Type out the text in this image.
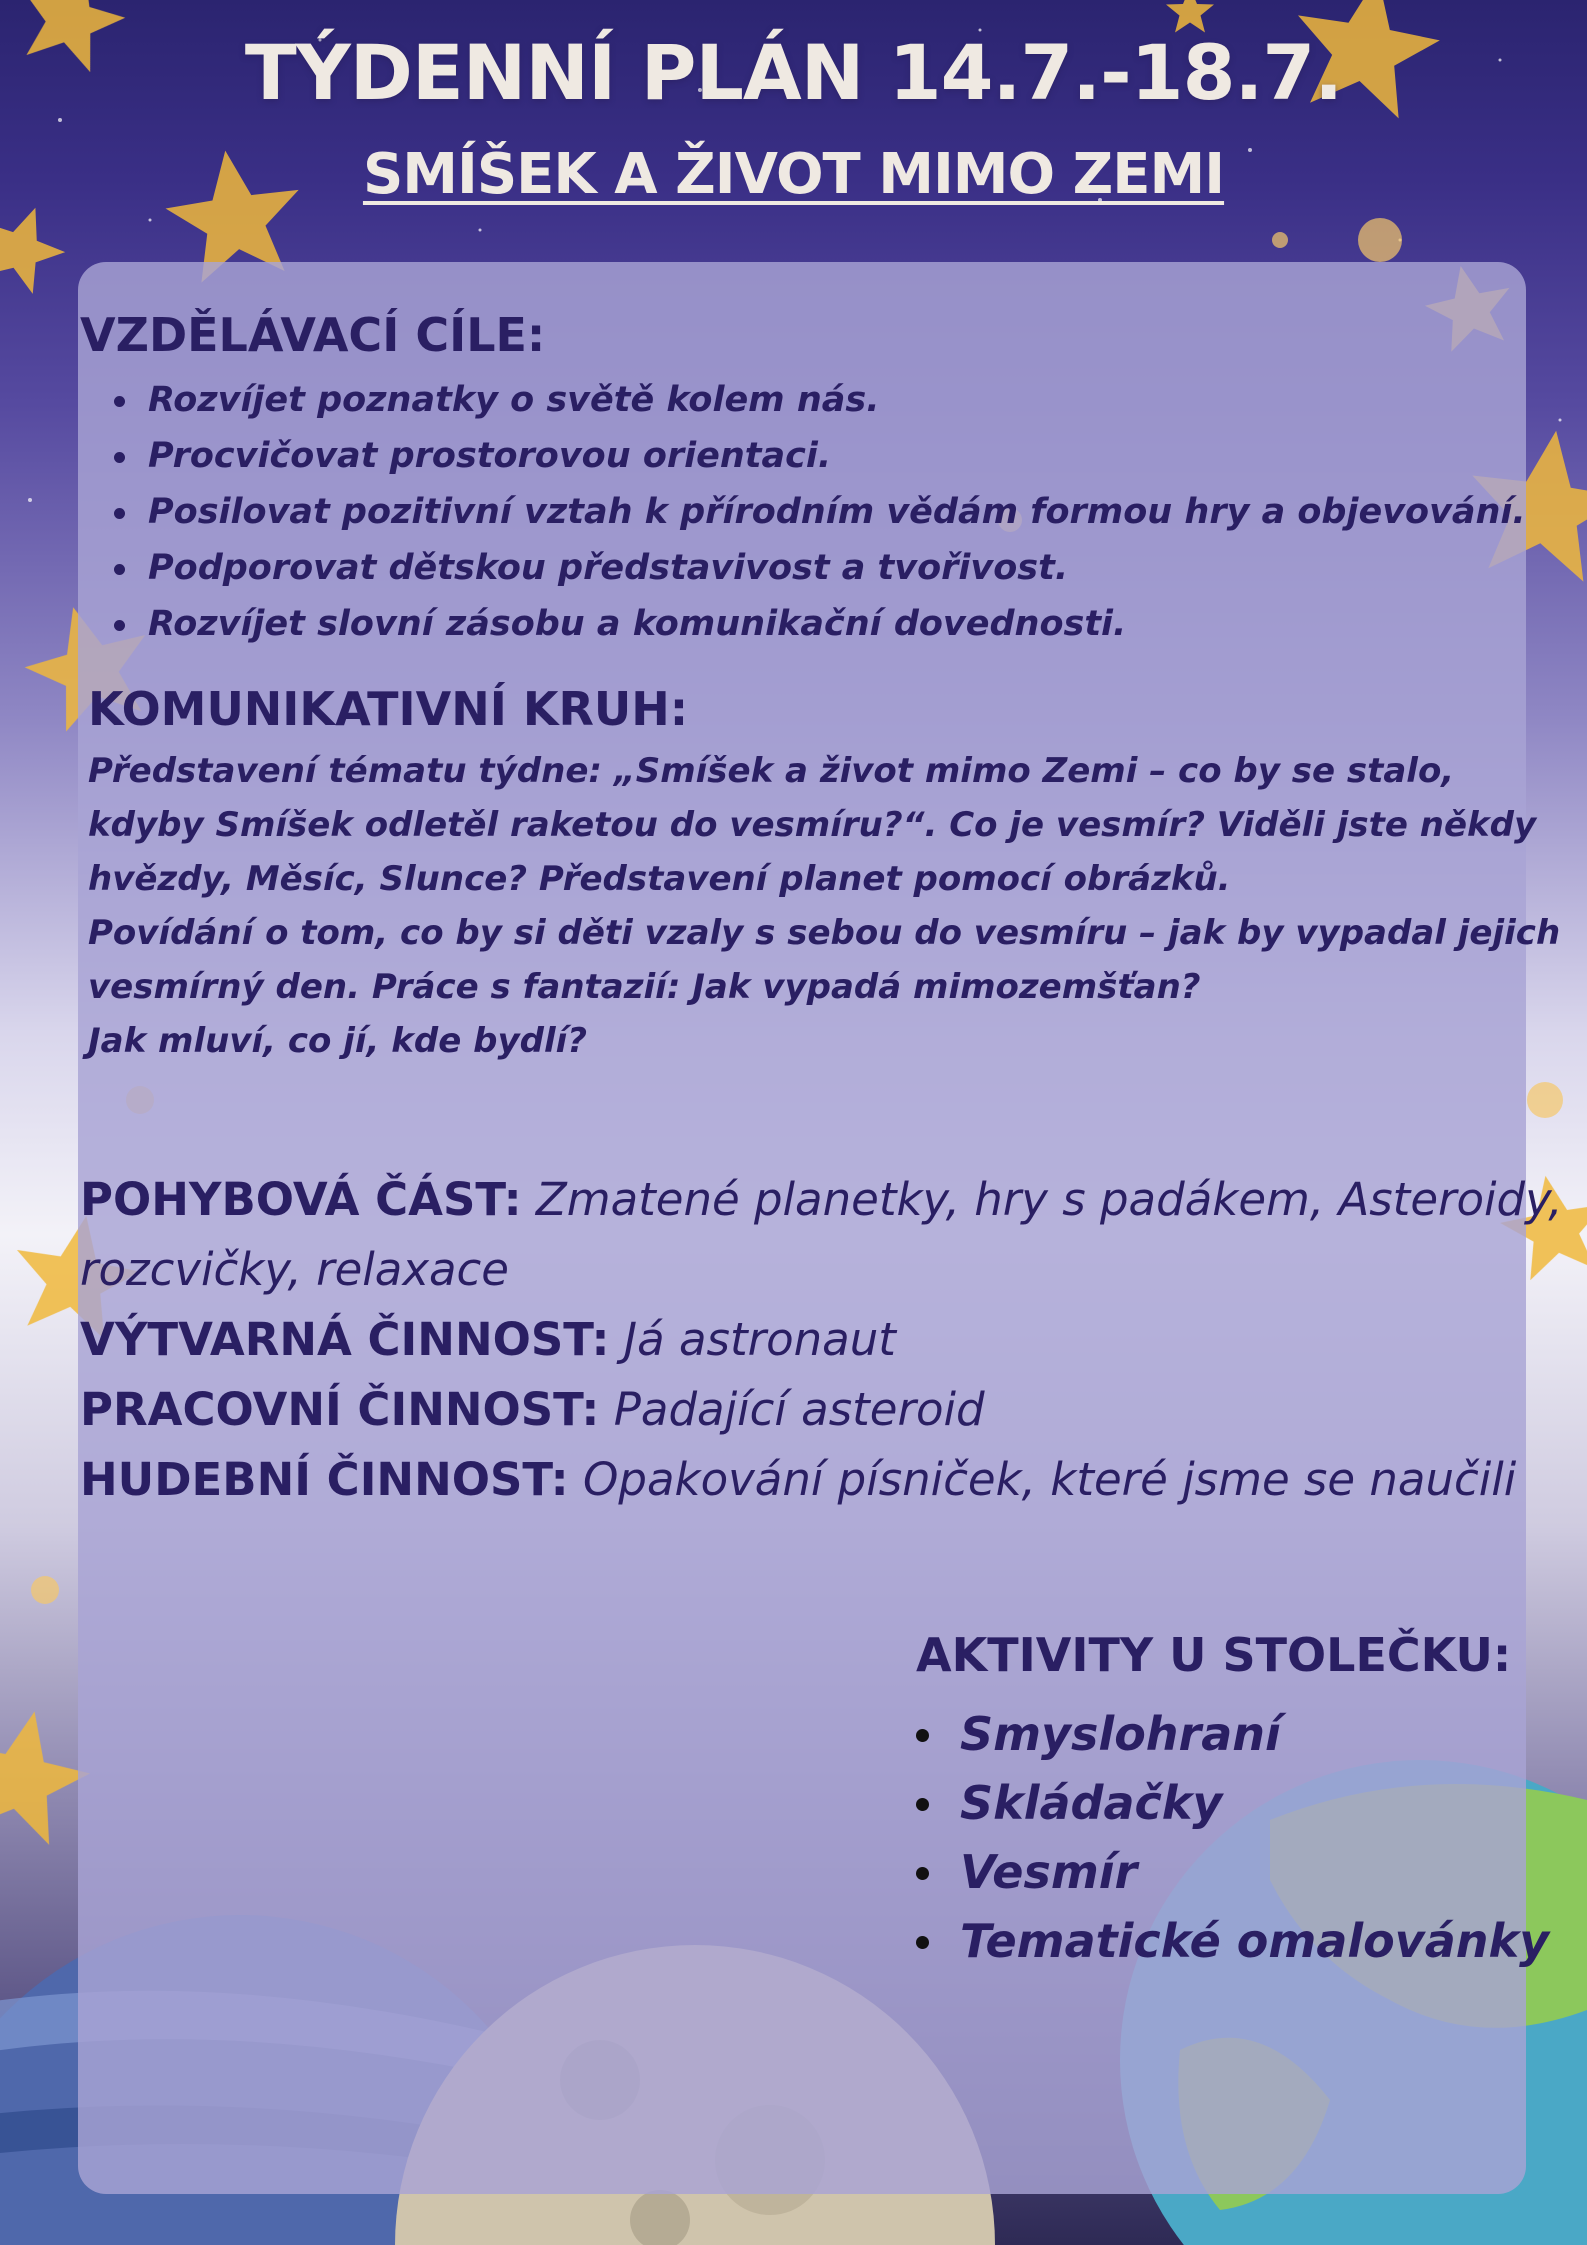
TÝDENNÍ PLÁN 14.7.-18.7.
SMÍŠEK A ŽIVOT MIMO ZEMI
VZDĚLÁVACÍ CÍLE:
Rozvíjet poznatky o světě kolem nás.
Procvičovat prostorovou orientaci.
Posilovat pozitivní vztah k přírodním vědám formou hry a objevování.
Podporovat dětskou představivost a tvořivost.
Rozvíjet slovní zásobu a komunikační dovednosti.
KOMUNIKATIVNÍ KRUH:
Představení tématu týdne: „Smíšek a život mimo Zemi – co by se stalo,
kdyby Smíšek odletěl raketou do vesmíru?“. Co je vesmír? Viděli jste někdy
hvězdy, Měsíc, Slunce? Představení planet pomocí obrázků.
Povídání o tom, co by si děti vzaly s sebou do vesmíru – jak by vypadal jejich
vesmírný den. Práce s fantazií: Jak vypadá mimozemšťan?
Jak mluví, co jí, kde bydlí?
POHYBOVÁ ČÁST: Zmatené planetky, hry s padákem, Asteroidy,
rozcvičky, relaxace
VÝTVARNÁ ČINNOST: Já astronaut
PRACOVNÍ ČINNOST: Padající asteroid
HUDEBNÍ ČINNOST: Opakování písniček, které jsme se naučili
AKTIVITY U STOLEČKU:
Smyslohraní
Skládačky
Vesmír
Tematické omalovánky
